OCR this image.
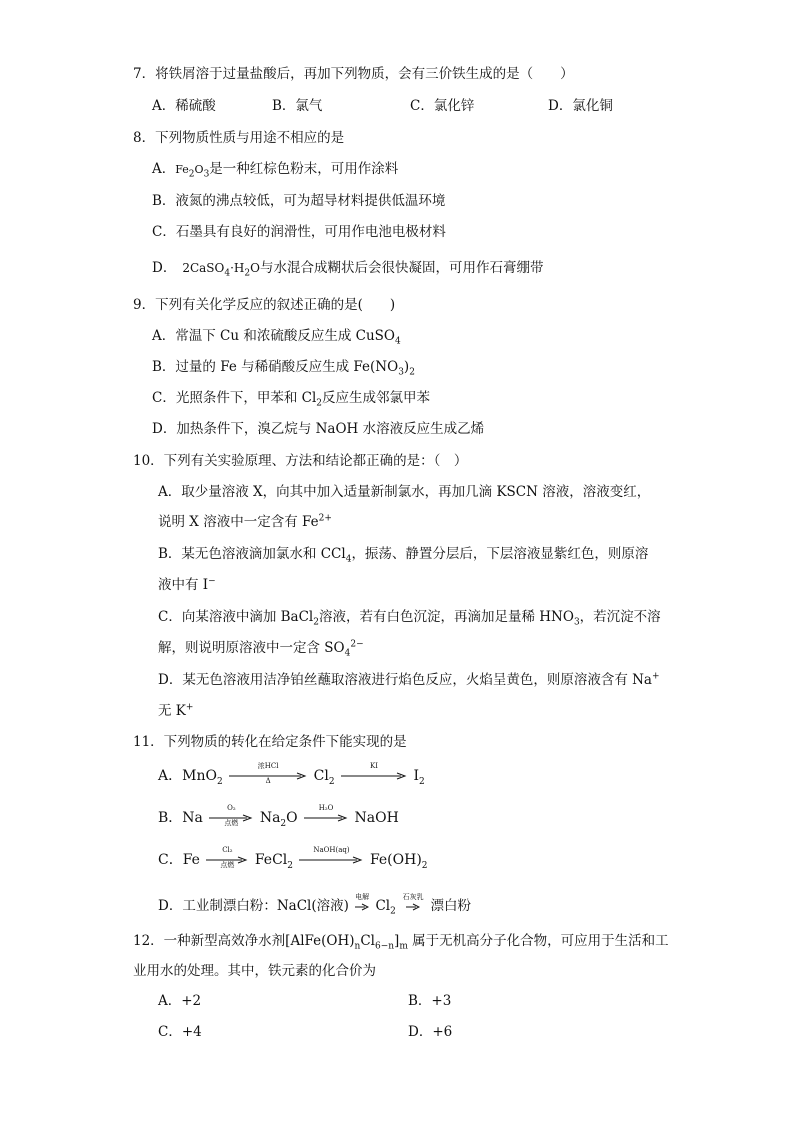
7．将铁屑溶于过量盐酸后，再加下列物质，会有三价铁生成的是（　　）
A．稀硫酸	B．氯气	C．氯化锌	D．氯化铜
8．下列物质性质与用途不相应的是
A．$Fe_2O_3$是一种红棕色粉末，可用作涂料
B．液氮的沸点较低，可为超导材料提供低温环境
C．石墨具有良好的润滑性，可用作电池电极材料
D． $2CaSO_4\cdot H_2O$与水混合成糊状后会很快凝固，可用作石膏绷带
9．下列有关化学反应的叙述正确的是(　　)
A．常温下 Cu 和浓硫酸反应生成 CuSO$_4$
B．过量的 Fe 与稀硝酸反应生成 $Fe(NO_3)_2$
C．光照条件下，甲苯和 $Cl_2$反应生成邻氯甲苯
D．加热条件下，溴乙烷与 NaOH 水溶液反应生成乙烯
10．下列有关实验原理、方法和结论都正确的是：（　）
A．取少量溶液 X，向其中加入适量新制氯水，再加几滴 KSCN 溶液，溶液变红，
说明 X 溶液中一定含有 $Fe^{2+}$
B．某无色溶液滴加氯水和 CCl$_4$，振荡、静置分层后，下层溶液显紫红色，则原溶
液中有 I−
C．向某溶液中滴加 BaCl$_2$溶液，若有白色沉淀，再滴加足量稀 $HNO_3$，若沉淀不溶
解，则说明原溶液中一定含 $SO_4^{2-}$
D．某无色溶液用洁净铂丝蘸取溶液进行焰色反应，火焰呈黄色，则原溶液含有 Na+
无 K+
11．下列物质的转化在给定条件下能实现的是
A．MnO$_2$
浓HCl
Δ	$Cl_2$
KI
$I_2$
B．Na
O₂
点燃	$Na_2O$
H₂O
NaOH
C．Fe
Cl₂
点燃	FeCl$_2$
NaOH(aq)
$Fe(OH)_2$
D．工业制漂白粉：NaCl(溶液)
电解
$Cl_2$
石灰乳
漂白粉
12．一种新型高效净水剂$[AlFe(OH)_nCl_{6-n}]_m$ 属于无机高分子化合物，可应用于生活和工
业用水的处理。其中，铁元素的化合价为
A．+2	B．+3
C．+4	D．+6
